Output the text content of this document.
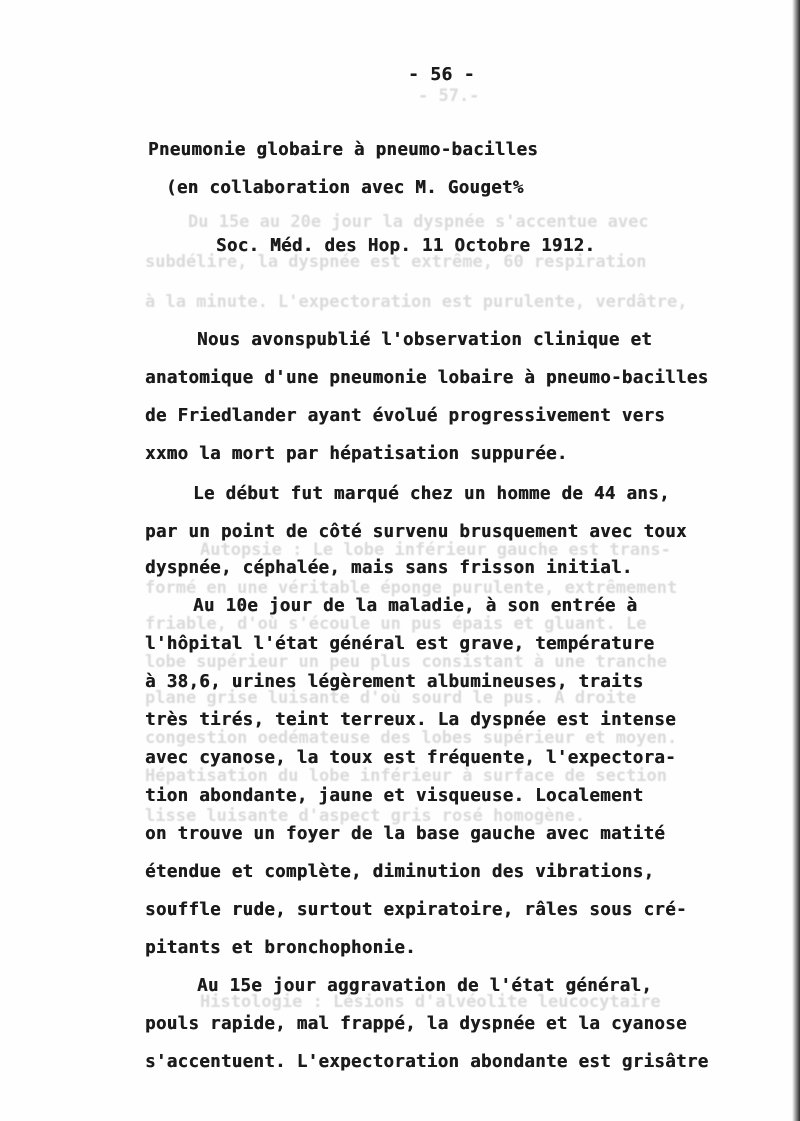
- 57.-
Du 15e au 20e jour la dyspnée s'accentue avec
subdélire, la dyspnée est extrême, 60 respiration
à la minute. L'expectoration est purulente, verdâtre,
Autopsie : Le lobe inférieur gauche est trans-
formé en une véritable éponge purulente, extrêmement
friable, d'où s'écoule un pus épais et gluant. Le
lobe supérieur un peu plus consistant à une tranche
plane grise luisante d'où sourd le pus. A droite
congestion oedémateuse des lobes supérieur et moyen.
Hépatisation du lobe inférieur à surface de section
lisse luisante d'aspect gris rosé homogène.
Histologie : Lésions d'alvéolite leucocytaire
- 56 -
Pneumonie globaire à pneumo-bacilles
(en collaboration avec M. Gouget%
Soc. Méd. des Hop. 11 Octobre 1912.
Nous avonspublié l'observation clinique et
anatomique d'une pneumonie lobaire à pneumo-bacilles
de Friedlander ayant évolué progressivement vers
xxmo la mort par hépatisation suppurée.
Le début fut marqué chez un homme de 44 ans,
par un point de côté survenu brusquement avec toux
dyspnée, céphalée, mais sans frisson initial.
Au 10e jour de la maladie, à son entrée à
l'hôpital l'état général est grave, température
à 38,6, urines légèrement albumineuses, traits
très tirés, teint terreux. La dyspnée est intense
avec cyanose, la toux est fréquente, l'expectora-
tion abondante, jaune et visqueuse. Localement
on trouve un foyer de la base gauche avec matité
étendue et complète, diminution des vibrations,
souffle rude, surtout expiratoire, râles sous cré-
pitants et bronchophonie.
Au 15e jour aggravation de l'état général,
pouls rapide, mal frappé, la dyspnée et la cyanose
s'accentuent. L'expectoration abondante est grisâtre
